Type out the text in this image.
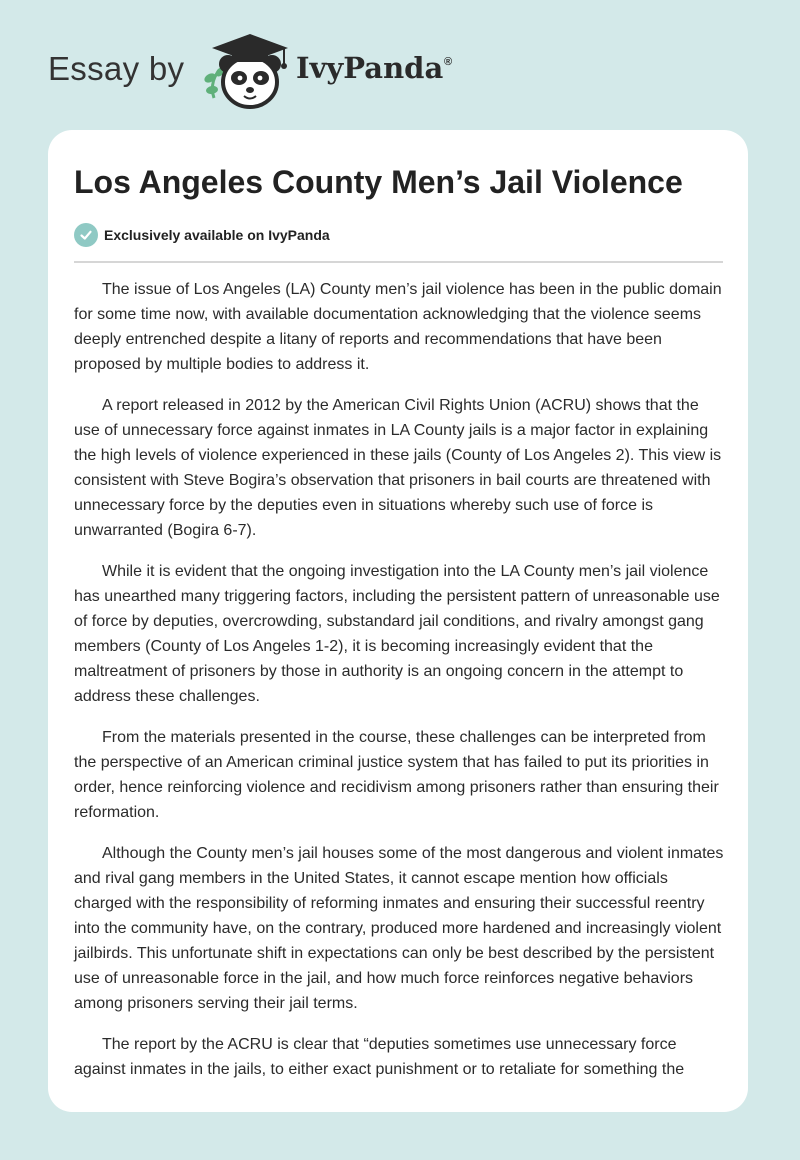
Essay by	IvyPanda ®
Los Angeles County Men’s Jail Violence
Exclusively available on IvyPanda

The issue of Los Angeles (LA) County men’s jail violence has been in the public domain for some time now, with available documentation acknowledging that the violence seems deeply entrenched despite a litany of reports and recommendations that have been proposed by multiple bodies to address it.

A report released in 2012 by the American Civil Rights Union (ACRU) shows that the use of unnecessary force against inmates in LA County jails is a major factor in explaining the high levels of violence experienced in these jails (County of Los Angeles 2). This view is consistent with Steve Bogira’s observation that prisoners in bail courts are threatened with unnecessary force by the deputies even in situations whereby such use of force is unwarranted (Bogira 6-7).

While it is evident that the ongoing investigation into the LA County men’s jail violence has unearthed many triggering factors, including the persistent pattern of unreasonable use of force by deputies, overcrowding, substandard jail conditions, and rivalry amongst gang members (County of Los Angeles 1-2), it is becoming increasingly evident that the maltreatment of prisoners by those in authority is an ongoing concern in the attempt to address these challenges.

From the materials presented in the course, these challenges can be interpreted from the perspective of an American criminal justice system that has failed to put its priorities in order, hence reinforcing violence and recidivism among prisoners rather than ensuring their reformation.

Although the County men’s jail houses some of the most dangerous and violent inmates and rival gang members in the United States, it cannot escape mention how officials charged with the responsibility of reforming inmates and ensuring their successful reentry into the community have, on the contrary, produced more hardened and increasingly violent jailbirds. This unfortunate shift in expectations can only be best described by the persistent use of unreasonable force in the jail, and how much force reinforces negative behaviors among prisoners serving their jail terms.

The report by the ACRU is clear that “deputies sometimes use unnecessary force against inmates in the jails, to either exact punishment or to retaliate for something the
